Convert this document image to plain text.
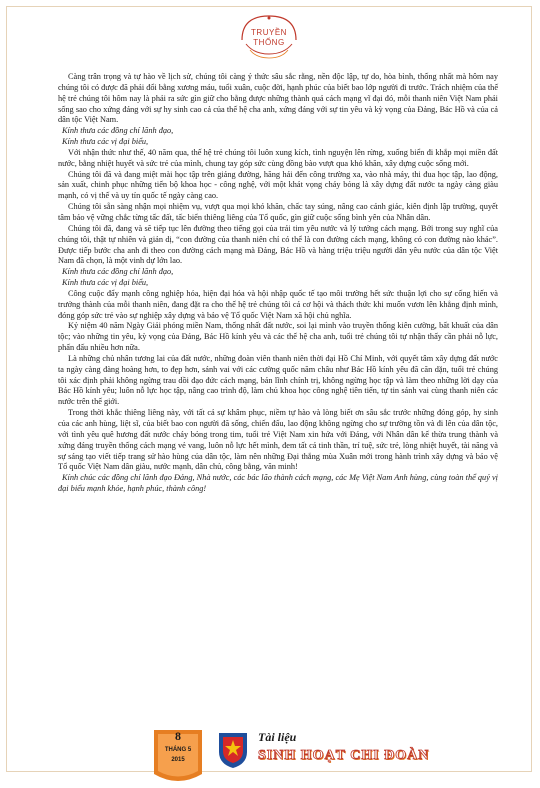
TRUYỀN
THỐNG

Càng trân trọng và tự hào về lịch sử, chúng tôi càng ý thức sâu sắc rằng, nền độc lập, tự do, hòa bình, thống nhất mà hôm nay chúng tôi có được đã phải đổi bằng xương máu, tuổi xuân, cuộc đời, hạnh phúc của biết bao lớp người đi trước. Trách nhiệm của thế hệ trẻ chúng tôi hôm nay là phải ra sức gìn giữ cho bằng được những thành quả cách mạng vĩ đại đó, mỗi thanh niên Việt Nam phải sống sao cho xứng đáng với sự hy sinh cao cả của thế hệ cha anh, xứng đáng với sự tin yêu và kỳ vọng của Đảng, Bác Hồ và của cả dân tộc Việt Nam.

Kính thưa các đồng chí lãnh đạo,

Kính thưa các vị đại biểu,

Với nhận thức như thế, 40 năm qua, thế hệ trẻ chúng tôi luôn xung kích, tình nguyện lên rừng, xuống biển đi khắp mọi miền đất nước, bằng nhiệt huyết và sức trẻ của mình, chung tay góp sức cùng đồng bào vượt qua khó khăn, xây dựng cuộc sống mới.

Chúng tôi đã và đang miệt mài học tập trên giảng đường, hăng hái đến công trường xa, vào nhà máy, thi đua học tập, lao động, sản xuất, chinh phục những tiến bộ khoa học - công nghệ, với một khát vọng cháy bỏng là xây dựng đất nước ta ngày càng giàu mạnh, có vị thế và uy tín quốc tế ngày càng cao.

Chúng tôi sẵn sàng nhận mọi nhiệm vụ, vượt qua mọi khó khăn, chấc tay súng, nâng cao cảnh giác, kiên định lập trường, quyết tâm bảo vệ vững chắc từng tấc đất, tấc biển thiêng liêng của Tổ quốc, gìn giữ cuộc sống bình yên của Nhân dân.

Chúng tôi đã, đang và sẽ tiếp tục lên đường theo tiếng gọi của trái tim yêu nước và lý tưởng cách mạng. Bởi trong suy nghĩ của chúng tôi, thật tự nhiên và giản dị, “con đường của thanh niên chỉ có thể là con đường cách mạng, không có con đường nào khác”. Được tiếp bước cha anh đi theo con đường cách mạng mà Đảng, Bác Hồ và hàng triệu triệu người dân yêu nước của dân tộc Việt Nam đã chọn, là một vinh dự lớn lao.

Kính thưa các đồng chí lãnh đạo,

Kính thưa các vị đại biểu,

Công cuộc đẩy mạnh công nghiệp hóa, hiện đại hóa và hội nhập quốc tế tạo môi trường hết sức thuận lợi cho sự cống hiến và trưởng thành của mỗi thanh niên, đang đặt ra cho thế hệ trẻ chúng tôi cả cơ hội và thách thức khi muốn vươn lên khẳng định mình, đóng góp sức trẻ vào sự nghiệp xây dựng và bảo vệ Tổ quốc Việt Nam xã hội chủ nghĩa.

Kỷ niệm 40 năm Ngày Giải phóng miền Nam, thống nhất đất nước, soi lại mình vào truyền thống kiên cường, bất khuất của dân tộc; vào những tin yêu, kỳ vọng của Đảng, Bác Hồ kính yêu và các thế hệ cha anh, tuổi trẻ chúng tôi tự nhận thấy cần phải nỗ lực, phấn đấu nhiều hơn nữa.

Là những chủ nhân tương lai của đất nước, những đoàn viên thanh niên thời đại Hồ Chí Minh, với quyết tâm xây dựng đất nước ta ngày càng đàng hoàng hơn, to đẹp hơn, sánh vai với các cường quốc năm châu như Bác Hồ kính yêu đã căn dặn, tuổi trẻ chúng tôi xác định phải không ngừng trau dồi đạo đức cách mạng, bản lĩnh chính trị, không ngừng học tập và làm theo những lời dạy của Bác Hồ kính yêu; luôn nỗ lực học tập, nâng cao trình độ, làm chủ khoa học công nghệ tiên tiến, tự tin sánh vai cùng thanh niên các nước trên thế giới.

Trong thời khắc thiêng liêng này, với tất cả sự khâm phục, niềm tự hào và lòng biết ơn sâu sắc trước những đóng góp, hy sinh của các anh hùng, liệt sĩ, của biết bao con người đã sống, chiến đấu, lao động không ngừng cho sự trường tồn và đi lên của dân tộc, với tình yêu quê hương đất nước cháy bỏng trong tim, tuổi trẻ Việt Nam xin hứa với Đảng, với Nhân dân kế thừa trung thành và xứng đáng truyền thống cách mạng vẻ vang, luôn nỗ lực hết mình, đem tất cả tinh thần, trí tuệ, sức trẻ, lòng nhiệt huyết, tài năng và sự sáng tạo viết tiếp trang sử hào hùng của dân tộc, làm nên những Đại thắng mùa Xuân mới trong hành trình xây dựng và bảo vệ Tổ quốc Việt Nam dân giàu, nước mạnh, dân chủ, công bằng, văn minh!

Kính chúc các đồng chí lãnh đạo Đảng, Nhà nước, các bác lão thành cách mạng, các Mẹ Việt Nam Anh hùng, cùng toàn thể quý vị đại biểu mạnh khỏe, hạnh phúc, thành công!

8
THÁNG 5
2015
Tài liệu
SINH HOẠT CHI ĐOÀN
